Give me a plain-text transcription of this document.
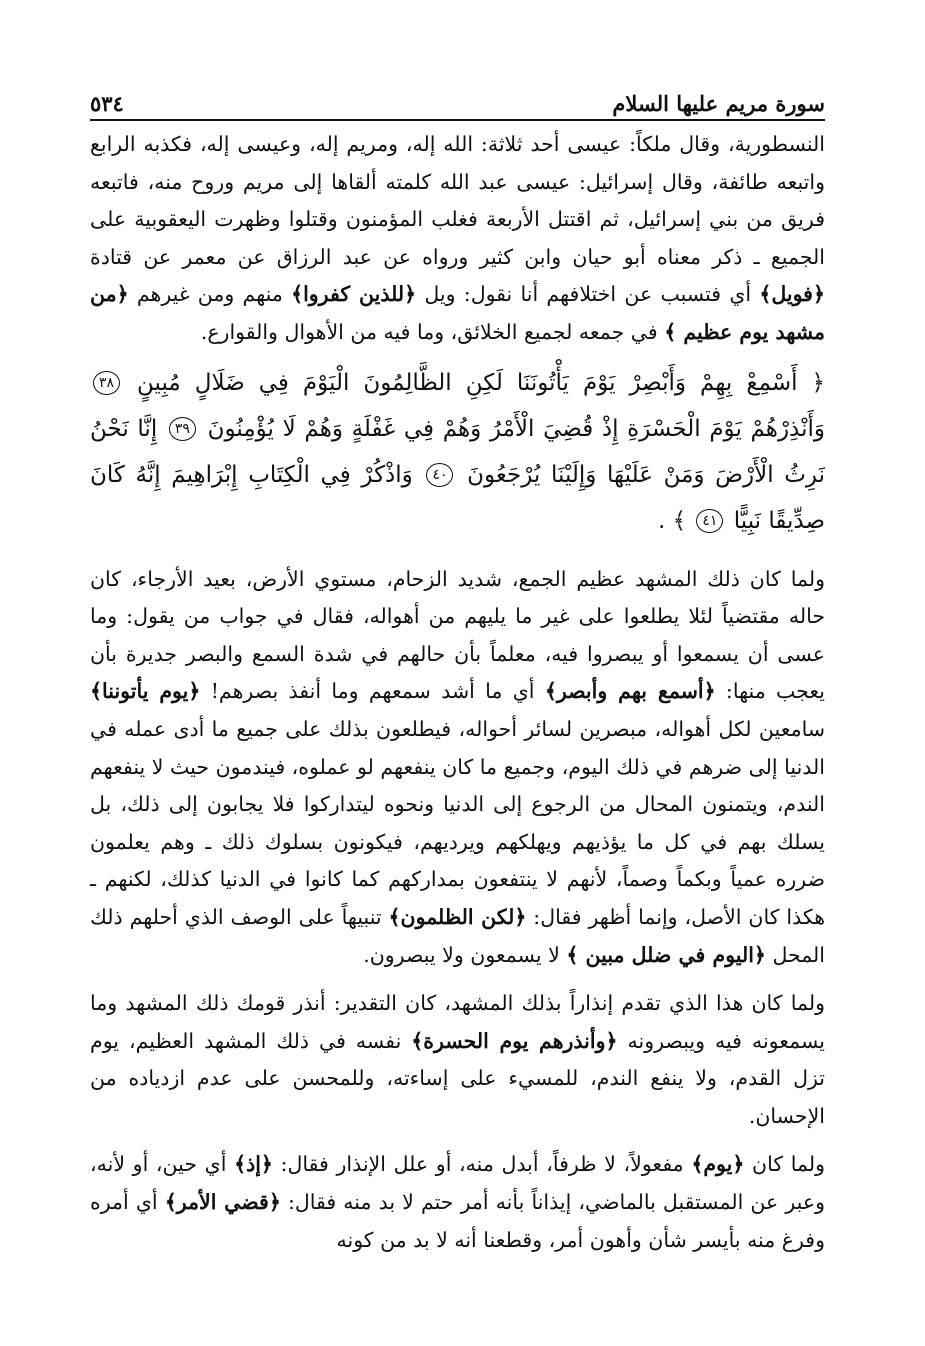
سورة مريم عليها السلام
٥٣٤

النسطورية، وقال ملكاً: عيسى أحد ثلاثة: الله إله، ومريم إله، وعيسى إله، فكذبه الرابع واتبعه طائفة، وقال إسرائيل: عيسى عبد الله كلمته ألقاها إلى مريم وروح منه، فاتبعه فريق من بني إسرائيل، ثم اقتتل الأربعة فغلب المؤمنون وقتلوا وظهرت اليعقوبية على الجميع ـ ذكر معناه أبو حيان وابن كثير ورواه عن عبد الرزاق عن معمر عن قتادة ﴿فويل﴾ أي فتسبب عن اختلافهم أنا نقول: ويل ﴿للذين كفروا﴾ منهم ومن غيرهم ﴿من مشهد يوم عظيم ﴾ في جمعه لجميع الخلائق، وما فيه من الأهوال والقوارع.

﴿ أَسْمِعْ بِهِمْ وَأَبْصِرْ يَوْمَ يَأْتُونَنَا لَكِنِ الظَّالِمُونَ الْيَوْمَ فِي ضَلَالٍ مُبِينٍ ٣٨ وَأَنْذِرْهُمْ يَوْمَ الْحَسْرَةِ إِذْ قُضِيَ الْأَمْرُ وَهُمْ فِي غَفْلَةٍ وَهُمْ لَا يُؤْمِنُونَ ٣٩ إِنَّا نَحْنُ نَرِثُ الْأَرْضَ وَمَنْ عَلَيْهَا وَإِلَيْنَا يُرْجَعُونَ ٤٠ وَاذْكُرْ فِي الْكِتَابِ إِبْرَاهِيمَ إِنَّهُ كَانَ صِدِّيقًا نَبِيًّا ٤١ ﴾ .

ولما كان ذلك المشهد عظيم الجمع، شديد الزحام، مستوي الأرض، بعيد الأرجاء، كان حاله مقتضياً لئلا يطلعوا على غير ما يليهم من أهواله، فقال في جواب من يقول: وما عسى أن يسمعوا أو يبصروا فيه، معلماً بأن حالهم في شدة السمع والبصر جديرة بأن يعجب منها: ﴿أسمع بهم وأبصر﴾ أي ما أشد سمعهم وما أنفذ بصرهم! ﴿يوم يأتوننا﴾ سامعين لكل أهواله، مبصرين لسائر أحواله، فيطلعون بذلك على جميع ما أدى عمله في الدنيا إلى ضرهم في ذلك اليوم، وجميع ما كان ينفعهم لو عملوه، فيندمون حيث لا ينفعهم الندم، ويتمنون المحال من الرجوع إلى الدنيا ونحوه ليتداركوا فلا يجابون إلى ذلك، بل يسلك بهم في كل ما يؤذيهم ويهلكهم ويرديهم، فيكونون بسلوك ذلك ـ وهم يعلمون ضرره عمياً وبكماً وصماً، لأنهم لا ينتفعون بمداركهم كما كانوا في الدنيا كذلك، لكنهم ـ هكذا كان الأصل، وإنما أظهر فقال: ﴿لكن الظلمون﴾ تنبيهاً على الوصف الذي أحلهم ذلك المحل ﴿اليوم في ضلل مبين ﴾ لا يسمعون ولا يبصرون.

ولما كان هذا الذي تقدم إنذاراً بذلك المشهد، كان التقدير: أنذر قومك ذلك المشهد وما يسمعونه فيه ويبصرونه ﴿وأنذرهم يوم الحسرة﴾ نفسه في ذلك المشهد العظيم، يوم تزل القدم، ولا ينفع الندم، للمسيء على إساءته، وللمحسن على عدم ازدياده من الإحسان.

ولما كان ﴿يوم﴾ مفعولاً، لا ظرفاً، أبدل منه، أو علل الإنذار فقال: ﴿إذ﴾ أي حين، أو لأنه، وعبر عن المستقبل بالماضي، إيذاناً بأنه أمر حتم لا بد منه فقال: ﴿قضي الأمر﴾ أي أمره وفرغ منه بأيسر شأن وأهون أمر، وقطعنا أنه لا بد من كونه
